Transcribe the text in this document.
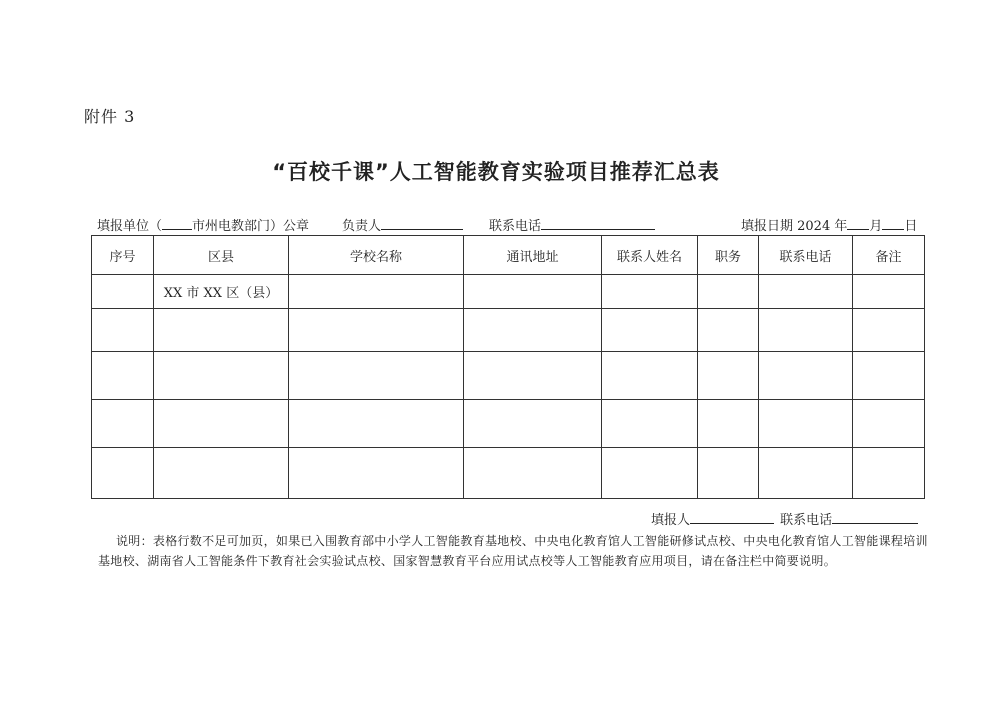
附件 3
“百校千课”人工智能教育实验项目推荐汇总表
填报单位（ 市州电教部门）公章	负责人	联系电话	填报日期 2024 年 月 日
序号	区县	学校名称	通讯地址	联系人姓名	职务	联系电话	备注
	XX 市 XX 区（县）						

填报人	联系电话
说明：表格行数不足可加页，如果已入围教育部中小学人工智能教育基地校、中央电化教育馆人工智能研修试点校、中央电化教育馆人工智能课程培训基地校、湖南省人工智能条件下教育社会实验试点校、国家智慧教育平台应用试点校等人工智能教育应用项目，请在备注栏中简要说明。
